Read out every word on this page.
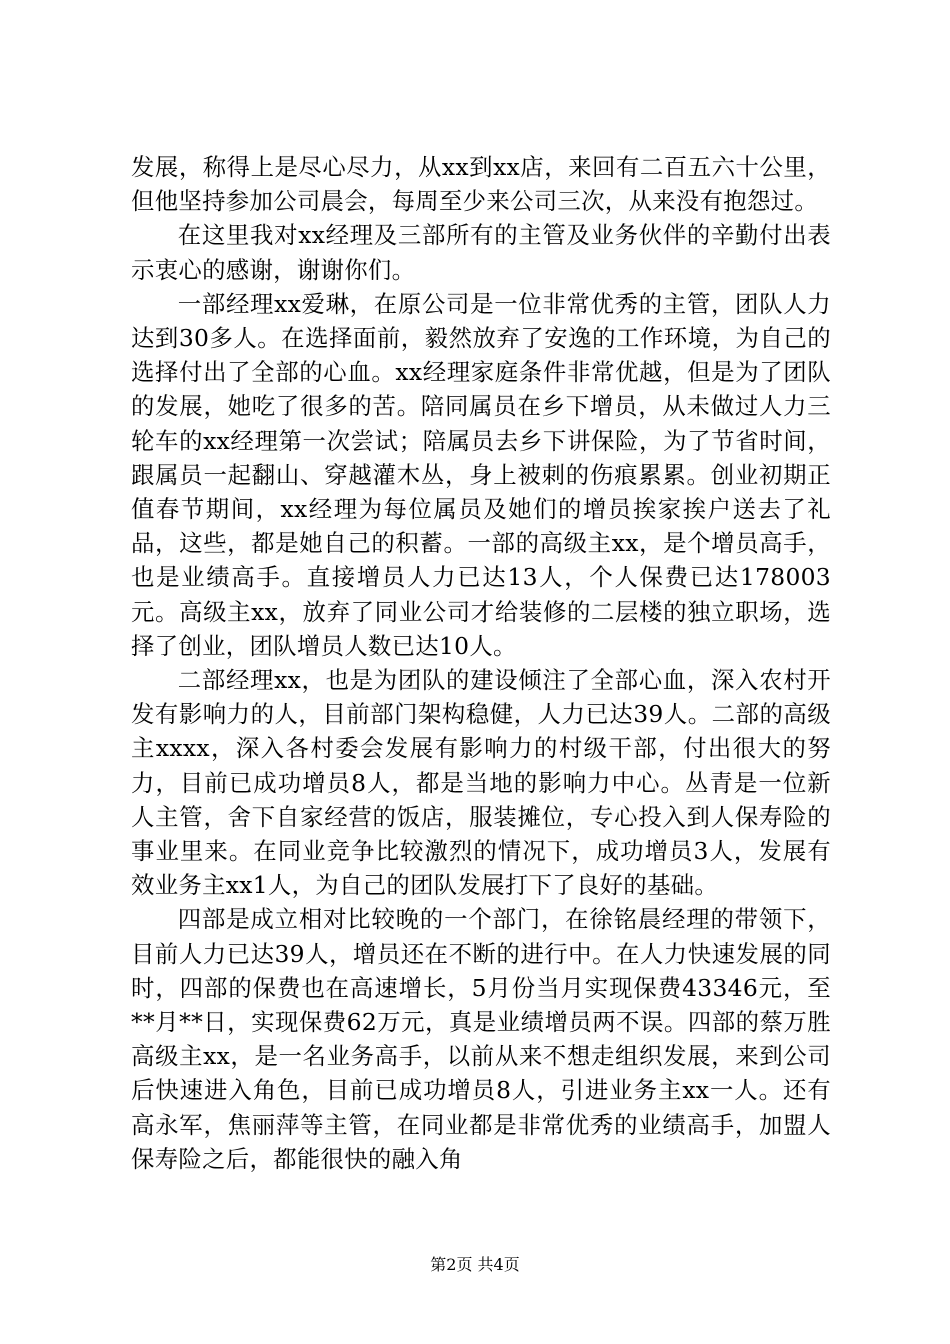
发展，称得上是尽心尽力，从xx到xx店，来回有二百五六十公里，但他坚持参加公司晨会，每周至少来公司三次，从来没有抱怨过。

在这里我对xx经理及三部所有的主管及业务伙伴的辛勤付出表示衷心的感谢，谢谢你们。

一部经理xx爱琳，在原公司是一位非常优秀的主管，团队人力达到30多人。在选择面前，毅然放弃了安逸的工作环境，为自己的选择付出了全部的心血。xx经理家庭条件非常优越，但是为了团队的发展，她吃了很多的苦。陪同属员在乡下增员，从未做过人力三轮车的xx经理第一次尝试；陪属员去乡下讲保险，为了节省时间，跟属员一起翻山、穿越灌木丛，身上被刺的伤痕累累。创业初期正值春节期间，xx经理为每位属员及她们的增员挨家挨户送去了礼品，这些，都是她自己的积蓄。一部的高级主xx，是个增员高手，也是业绩高手。直接增员人力已达13人，个人保费已达178003元。高级主xx，放弃了同业公司才给装修的二层楼的独立职场，选择了创业，团队增员人数已达10人。

二部经理xx，也是为团队的建设倾注了全部心血，深入农村开发有影响力的人，目前部门架构稳健，人力已达39人。二部的高级主xxxx，深入各村委会发展有影响力的村级干部，付出很大的努力，目前已成功增员8人，都是当地的影响力中心。丛青是一位新人主管，舍下自家经营的饭店，服装摊位，专心投入到人保寿险的事业里来。在同业竞争比较激烈的情况下，成功增员3人，发展有效业务主xx1人，为自己的团队发展打下了良好的基础。

四部是成立相对比较晚的一个部门，在徐铭晨经理的带领下，目前人力已达39人，增员还在不断的进行中。在人力快速发展的同时，四部的保费也在高速增长，5月份当月实现保费43346元，至**月**日，实现保费62万元，真是业绩增员两不误。四部的蔡万胜高级主xx，是一名业务高手，以前从来不想走组织发展，来到公司后快速进入角色，目前已成功增员8人，引进业务主xx一人。还有高永军，焦丽萍等主管，在同业都是非常优秀的业绩高手，加盟人保寿险之后，都能很快的融入角

第2页 共4页
